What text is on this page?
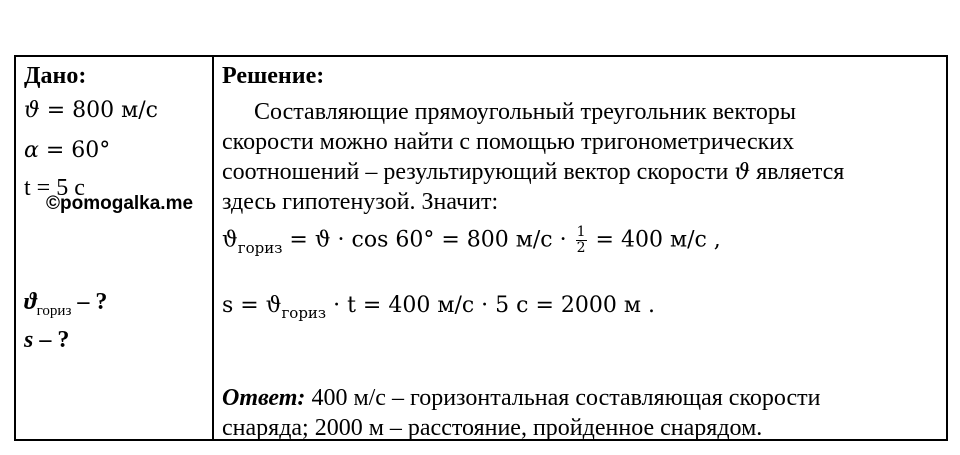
Дано:
ϑ = 800 м/с
α = 60°
t = 5 с
$ϑ_{гориз}$ – ?
s – ?
Решение:
Составляющие прямоугольный треугольник векторы
скорости можно найти с помощью тригонометрических
соотношений – результирующий вектор скорости ϑ является
здесь гипотенузой. Значит:
$ϑ_{гориз} = ϑ \cdot \cos 60^\circ = 800$ $м/с \cdot \frac{1}{2} = 400$ м/с ,
$s = ϑ_{гориз} \cdot t = 400$ м/с · 5 с = 2000 м .
Ответ: 400 м/с – горизонтальная составляющая скорости
снаряда; 2000 м – расстояние, пройденное снарядом.
©pomogalka.me
